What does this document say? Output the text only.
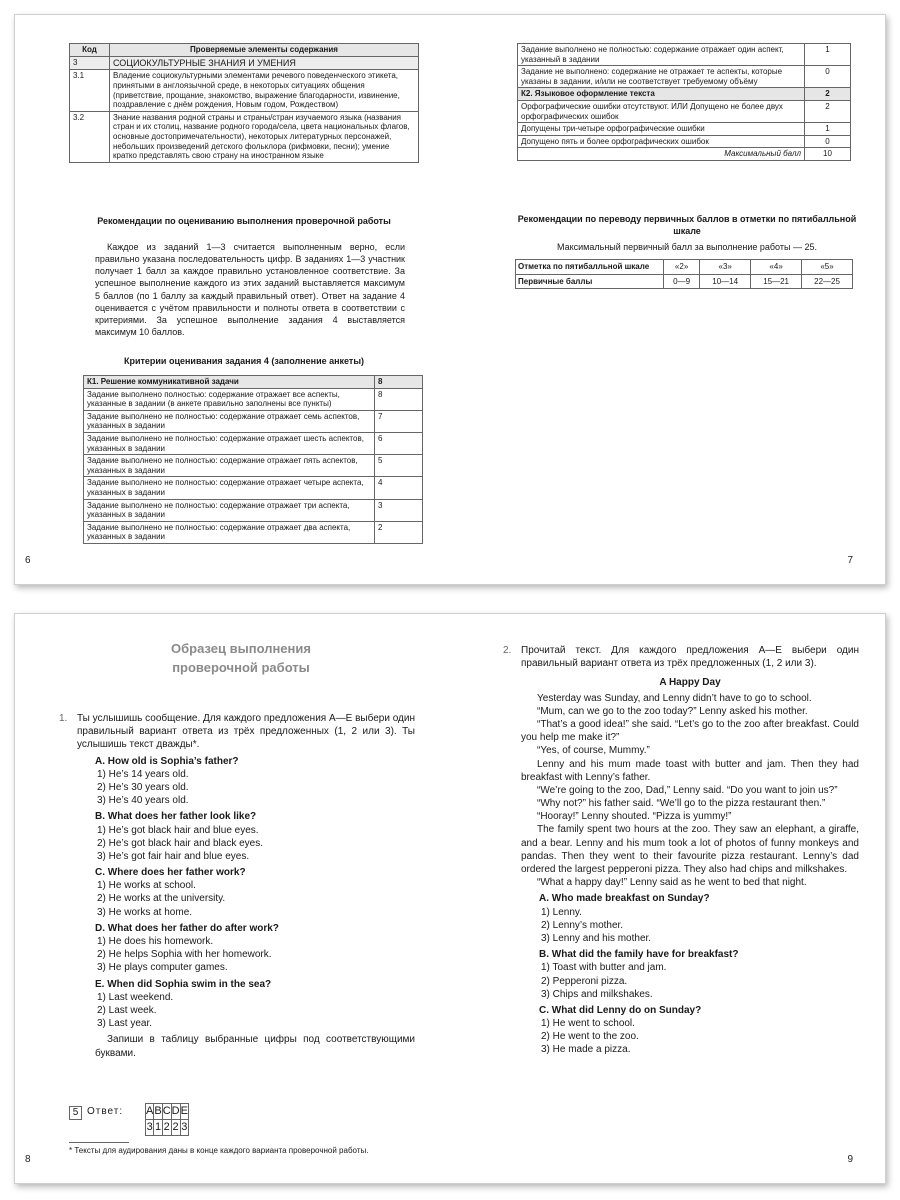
Код	Проверяемые элементы содержания
3	СОЦИОКУЛЬТУРНЫЕ ЗНАНИЯ И УМЕНИЯ
3.1	Владение социокультурными элементами речевого поведенческого этикета, принятыми в англоязычной среде, в некоторых ситуациях общения (приветствие, прощание, знакомство, выражение благодарности, извинение, поздравление с днём рождения, Новым годом, Рождеством)
3.2	Знание названия родной страны и страны/стран изучаемого языка (названия стран и их столиц, название родного города/села, цвета национальных флагов, основные достопримечательности), некоторых литературных персонажей, небольших произведений детского фольклора (рифмовки, песни); умение кратко представлять свою страну на иностранном языке
Рекомендации по оцениванию выполнения проверочной работы
Каждое из заданий 1—3 считается выполненным верно, если правильно указана последовательность цифр. В заданиях 1—3 участник получает 1 балл за каждое правильно установленное соответствие. За успешное выполнение каждого из этих заданий выставляется максимум 5 баллов (по 1 баллу за каждый правильный ответ). Ответ на задание 4 оценивается с учётом правильности и полноты ответа в соответствии с критериями. За успешное выполнение задания 4 выставляется максимум 10 баллов.
Критерии оценивания задания 4 (заполнение анкеты)
К1. Решение коммуникативной задачи	8
Задание выполнено полностью: содержание отражает все аспекты, указанные в задании (в анкете правильно заполнены все пункты)	8
Задание выполнено не полностью: содержание отражает семь аспектов, указанных в задании	7
Задание выполнено не полностью: содержание отражает шесть аспектов, указанных в задании	6
Задание выполнено не полностью: содержание отражает пять аспектов, указанных в задании	5
Задание выполнено не полностью: содержание отражает четыре аспекта, указанных в задании	4
Задание выполнено не полностью: содержание отражает три аспекта, указанных в задании	3
Задание выполнено не полностью: содержание отражает два аспекта, указанных в задании	2
6
Задание выполнено не полностью: содержание отражает один аспект, указанный в задании	1
Задание не выполнено: содержание не отражает те аспекты, которые указаны в задании, и/или не соответствует требуемому объёму	0
К2. Языковое оформление текста	2
Орфографические ошибки отсутствуют. ИЛИ Допущено не более двух орфографических ошибок	2
Допущены три-четыре орфографические ошибки	1
Допущено пять и более орфографических ошибок	0
Максимальный балл	10
Рекомендации по переводу первичных баллов в отметки по пятибалльной шкале
Максимальный первичный балл за выполнение работы — 25.
Отметка по пятибалльной шкале	«2»	«3»	«4»	«5»
Первичные баллы	0—9	10—14	15—21	22—25
7
Образец выполнения
проверочной работы
1. Ты услышишь сообщение. Для каждого предложения A—E выбери один правильный вариант ответа из трёх предложенных (1, 2 или 3). Ты услышишь текст дважды*.

A. How old is Sophia’s father?
1) He’s 14 years old.
2) He’s 30 years old.
3) He’s 40 years old.
B. What does her father look like?
1) He’s got black hair and blue eyes.
2) He’s got black hair and black eyes.
3) He’s got fair hair and blue eyes.
C. Where does her father work?
1) He works at school.
2) He works at the university.
3) He works at home.
D. What does her father do after work?
1) He does his homework.
2) He helps Sophia with her homework.
3) He plays computer games.
E. When did Sophia swim in the sea?
1) Last weekend.
2) Last week.
3) Last year.

Запиши в таблицу выбранные цифры под соответствующими буквами.

5 Ответ: A	B	C	D	E
3	1	2	2	3
* Тексты для аудирования даны в конце каждого варианта проверочной работы.
8
2. Прочитай текст. Для каждого предложения A—E выбери один правильный вариант ответа из трёх предложенных (1, 2 или 3).

A Happy Day

Yesterday was Sunday, and Lenny didn’t have to go to school.

“Mum, can we go to the zoo today?” Lenny asked his mother.

“That’s a good idea!” she said. “Let’s go to the zoo after breakfast. Could you help me make it?”

“Yes, of course, Mummy.”

Lenny and his mum made toast with butter and jam. Then they had breakfast with Lenny’s father.

“We’re going to the zoo, Dad,” Lenny said. “Do you want to join us?”

“Why not?” his father said. “We’ll go to the pizza restaurant then.”

“Hooray!” Lenny shouted. “Pizza is yummy!”

The family spent two hours at the zoo. They saw an elephant, a giraffe, and a bear. Lenny and his mum took a lot of photos of funny monkeys and pandas. Then they went to their favourite pizza restaurant. Lenny’s dad ordered the largest pepperoni pizza. They also had chips and milkshakes.

“What a happy day!” Lenny said as he went to bed that night.

A. Who made breakfast on Sunday?
1) Lenny.
2) Lenny’s mother.
3) Lenny and his mother.
B. What did the family have for breakfast?
1) Toast with butter and jam.
2) Pepperoni pizza.
3) Chips and milkshakes.
C. What did Lenny do on Sunday?
1) He went to school.
2) He went to the zoo.
3) He made a pizza.
9
